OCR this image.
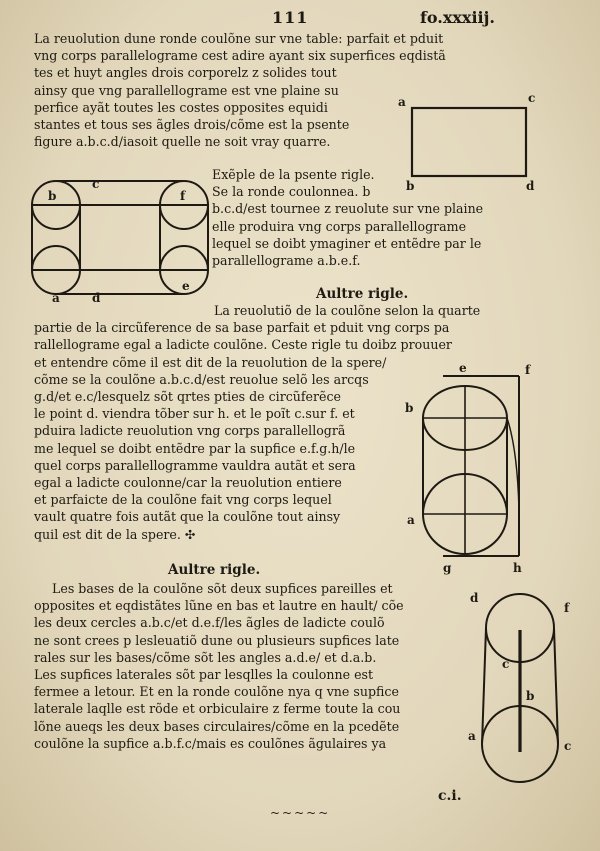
111	fo.xxxiij.
La reuolution dune ronde coulõne sur vne table: parfait et pduit
vng corps parallelograme cest adire ayant six superfices eqdistã
tes et huyt angles drois corporelz z solides tout
ainsy que vng parallellograme est vne plaine su
perfice ayãt toutes les costes opposites equidi
stantes et tous ses ãgles drois/cõme est la psente
figure a.b.c.d/iasoit quelle ne soit vray quarre.
a	c
b	d
b
c
f
a	d
e
Exẽple de la psente rigle.
Se la ronde coulonnea. b
b.c.d/est tournee z reuolute sur vne plaine
elle produira vng corps parallellograme
lequel se doibt ymaginer et entẽdre par le
parallellograme a.b.e.f.
Aultre rigle.
La reuolutiõ de la coulõne selon la quarte
partie de la circũference de sa base parfait et pduit vng corps pa
rallellograme egal a ladicte coulõne. Ceste rigle tu doibz prouuer
et entendre cõme il est dit de la reuolution de la spere/
cõme se la coulõne a.b.c.d/est reuolue selõ les arcqs
g.d/et e.c/lesquelz sõt qrtes pties de circũferẽce
le point d. viendra tõber sur h. et le poĩt c.sur f. et
pduira ladicte reuolution vng corps parallellogrã
me lequel se doibt entẽdre par la supfice e.f.g.h/le
quel corps parallellogramme vauldra autãt et sera
egal a ladicte coulonne/car la reuolution entiere
et parfaicte de la coulõne fait vng corps lequel
vault quatre fois autãt que la coulõne tout ainsy
quil est dit de la spere. ✣
e	f
b
a
g	h
Aultre rigle.
Les bases de la coulõne sõt deux supfices pareilles et
opposites et eqdistãtes lũne en bas et lautre en hault/ cõe
les deux cercles a.b.c/et d.e.f/les ãgles de ladicte coulõ
ne sont crees p lesleuatiõ dune ou plusieurs supfices late
rales sur les bases/cõme sõt les angles a.d.e/ et d.a.b.
Les supfices laterales sõt par lesqlles la coulonne est
fermee a letour. Et en la ronde coulõne nya q vne supfice
laterale laqlle est rõde et orbiculaire z ferme toute la cou
lõne aueqs les deux bases circulaires/cõme en la pcedẽte
coulõne la supfice a.b.f.c/mais es coulõnes ãgulaires ya
d
f
c
b
a
c
c.i.
~~~~~
